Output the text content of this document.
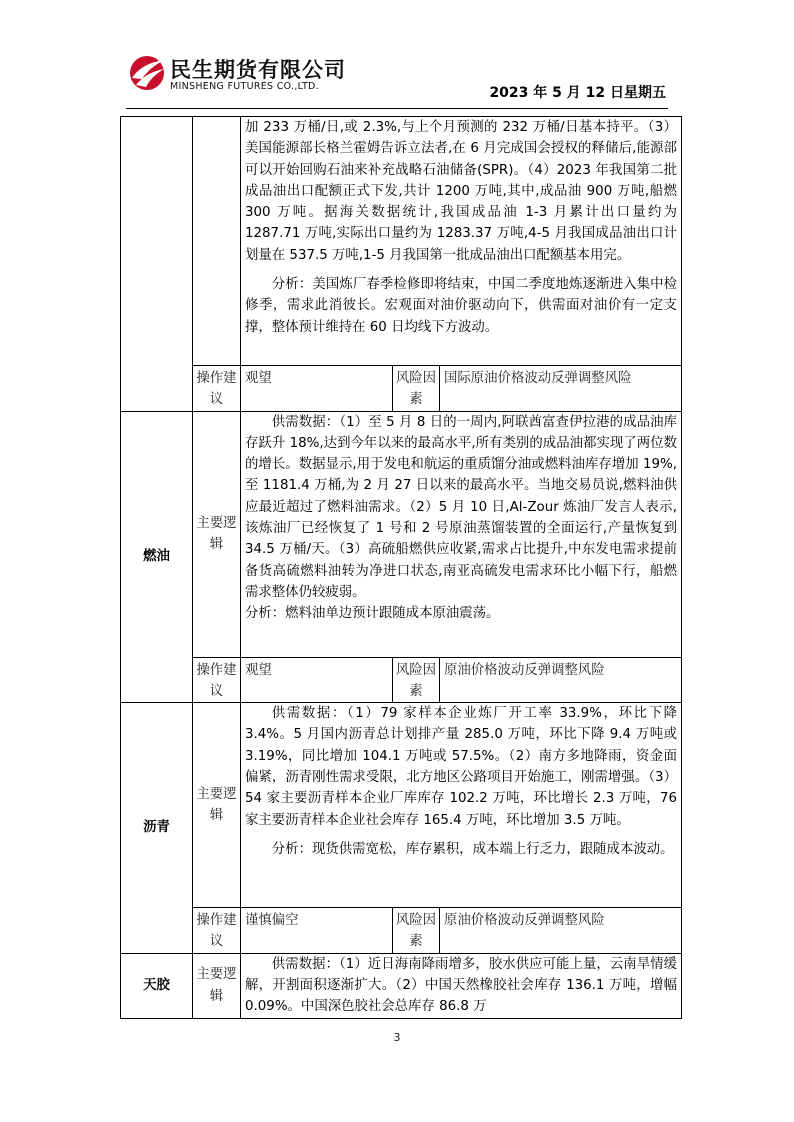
民生期货有限公司
MINSHENG FUTURES CO.,LTD.	2023 年 5 月 12 日星期五

		加 233 万桶/日,或 2.3%,与上个月预测的 232 万桶/日基本持平。（3）美国能源部长格兰霍姆告诉立法者,在 6 月完成国会授权的释储后,能源部可以开始回购石油来补充战略石油储备(SPR)。（4）2023 年我国第二批成品油出口配额正式下发,共计 1200 万吨,其中,成品油 900 万吨,船燃 300 万吨。据海关数据统计,我国成品油 1-3 月累计出口量约为 1287.71 万吨,实际出口量约为 1283.37 万吨,4-5 月我国成品油出口计划量在 537.5 万吨,1-5 月我国第一批成品油出口配额基本用完。

分析：美国炼厂春季检修即将结束，中国二季度地炼逐渐进入集中检修季，需求此消彼长。宏观面对油价驱动向下，供需面对油价有一定支撑，整体预计维持在 60 日均线下方波动。		

	操作建议	观望	风险因素	国际原油价格波动反弹调整风险
燃油	主要逻辑	供需数据：（1）至 5 月 8 日的一周内,阿联酋富查伊拉港的成品油库存跃升 18%,达到今年以来的最高水平,所有类别的成品油都实现了两位数的增长。数据显示,用于发电和航运的重质馏分油或燃料油库存增加 19%,至 1181.4 万桶,为 2 月 27 日以来的最高水平。当地交易员说,燃料油供应最近超过了燃料油需求。（2）5 月 10 日,Al-Zour 炼油厂发言人表示,该炼油厂已经恢复了 1 号和 2 号原油蒸馏装置的全面运行,产量恢复到 34.5 万桶/天。（3）高硫船燃供应收紧,需求占比提升,中东发电需求提前备货高硫燃料油转为净进口状态,南亚高硫发电需求环比小幅下行，船燃需求整体仍较疲弱。

分析：燃料油单边预计跟随成本原油震荡。		

	操作建议	观望	风险因素	原油价格波动反弹调整风险
沥青	主要逻辑	供需数据：（1）79 家样本企业炼厂开工率 33.9%，环比下降 3.4%。5 月国内沥青总计划排产量 285.0 万吨，环比下降 9.4 万吨或 3.19%，同比增加 104.1 万吨或 57.5%。（2）南方多地降雨，资金面偏紧，沥青刚性需求受限，北方地区公路项目开始施工，刚需增强。（3）54 家主要沥青样本企业厂库库存 102.2 万吨，环比增长 2.3 万吨，76 家主要沥青样本企业社会库存 165.4 万吨，环比增加 3.5 万吨。

分析：现货供需宽松，库存累积，成本端上行乏力，跟随成本波动。		

	操作建议	谨慎偏空	风险因素	原油价格波动反弹调整风险
天胶	主要逻辑	供需数据：（1）近日海南降雨增多，胶水供应可能上量，云南旱情缓解，开割面积逐渐扩大。（2）中国天然橡胶社会库存 136.1 万吨，增幅 0.09%。中国深色胶社会总库存 86.8 万		

3
